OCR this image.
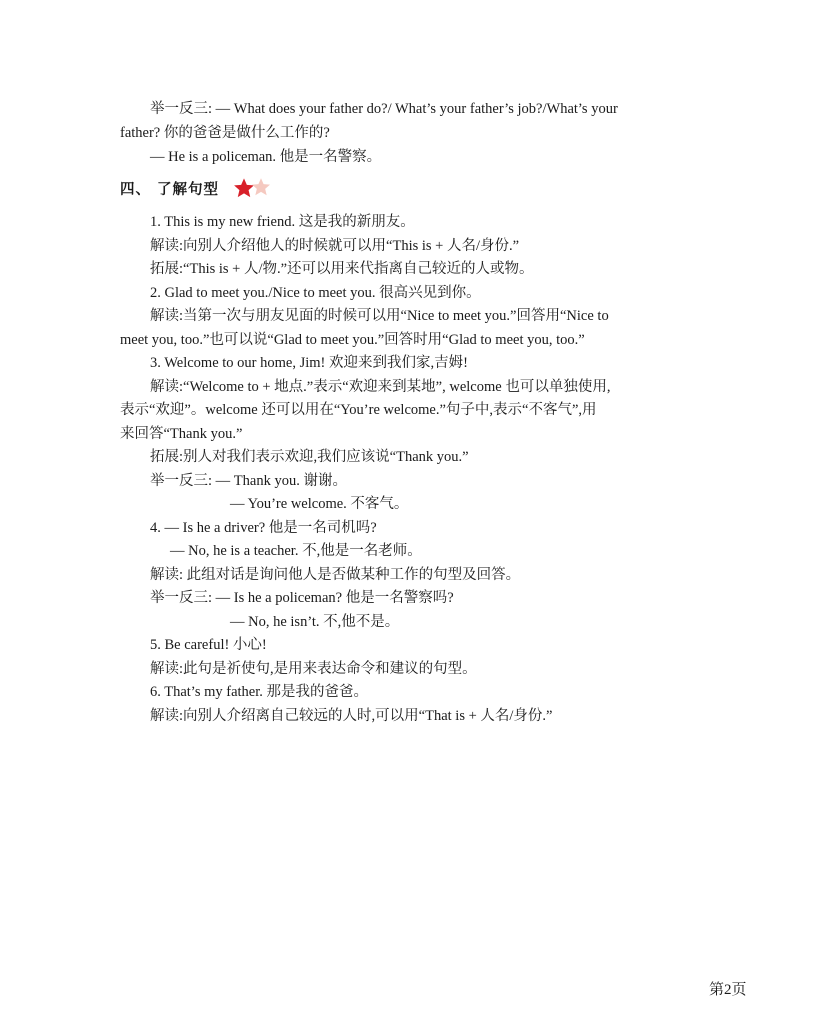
举一反三: — What does your father do?/ What’s your father’s job?/What’s your
father? 你的爸爸是做什么工作的?
— He is a policeman. 他是一名警察。
四、 了解句型
1. This is my new friend. 这是我的新朋友。
解读:向别人介绍他人的时候就可以用“This is + 人名/身份.”
拓展:“This is + 人/物.”还可以用来代指离自己较近的人或物。
2. Glad to meet you./Nice to meet you. 很高兴见到你。
解读:当第一次与朋友见面的时候可以用“Nice to meet you.”回答用“Nice to
meet you, too.”也可以说“Glad to meet you.”回答时用“Glad to meet you, too.”
3. Welcome to our home, Jim! 欢迎来到我们家,吉姆!
解读:“Welcome to + 地点.”表示“欢迎来到某地”, welcome 也可以单独使用,
表示“欢迎”。welcome 还可以用在“You’re welcome.”句子中,表示“不客气”,用
来回答“Thank you.”
拓展:别人对我们表示欢迎,我们应该说“Thank you.”
举一反三: — Thank you. 谢谢。
— You’re welcome. 不客气。
4. — Is he a driver? 他是一名司机吗?
— No, he is a teacher. 不,他是一名老师。
解读: 此组对话是询问他人是否做某种工作的句型及回答。
举一反三: — Is he a policeman? 他是一名警察吗?
— No, he isn’t. 不,他不是。
5. Be careful! 小心!
解读:此句是祈使句,是用来表达命令和建议的句型。
6. That’s my father. 那是我的爸爸。
解读:向别人介绍离自己较远的人时,可以用“That is + 人名/身份.”
第2页
